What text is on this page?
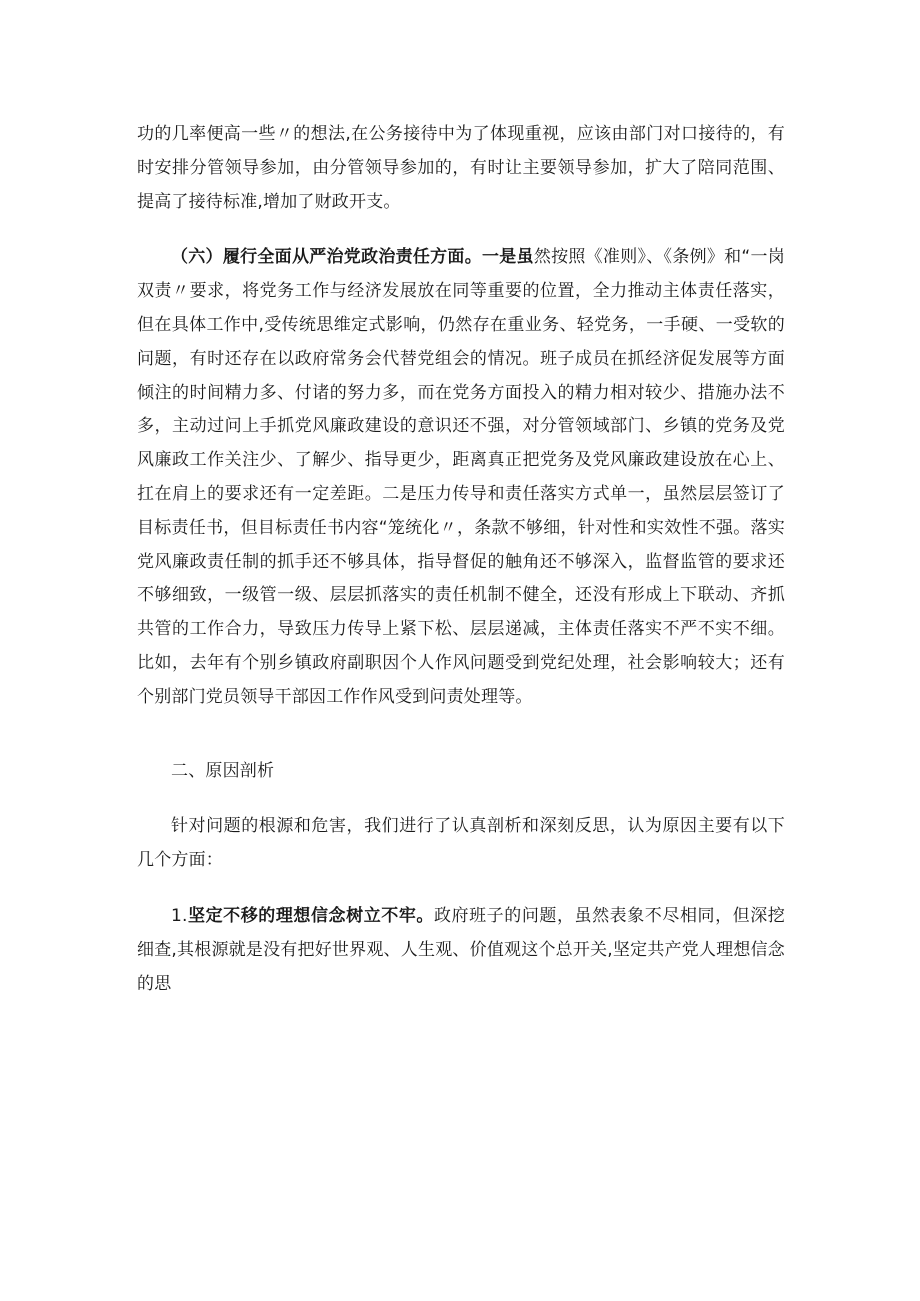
功的几率便高一些〃的想法,在公务接待中为了体现重视，应该由部门对口接待的，有时安排分管领导参加，由分管领导参加的，有时让主要领导参加，扩大了陪同范围、提高了接待标准,增加了财政开支。

（六）履行全面从严治党政治责任方面。一是虽然按照《准则》、《条例》和“一岗双责〃要求，将党务工作与经济发展放在同等重要的位置，全力推动主体责任落实，但在具体工作中,受传统思维定式影响，仍然存在重业务、轻党务，一手硬、一受软的问题，有时还存在以政府常务会代替党组会的情况。班子成员在抓经济促发展等方面倾注的时间精力多、付诸的努力多，而在党务方面投入的精力相对较少、措施办法不多，主动过问上手抓党风廉政建设的意识还不强，对分管领域部门、乡镇的党务及党风廉政工作关注少、了解少、指导更少，距离真正把党务及党风廉政建设放在心上、扛在肩上的要求还有一定差距。二是压力传导和责任落实方式单一，虽然层层签订了目标责任书，但目标责任书内容“笼统化〃，条款不够细，针对性和实效性不强。落实党风廉政责任制的抓手还不够具体，指导督促的触角还不够深入，监督监管的要求还不够细致，一级管一级、层层抓落实的责任机制不健全，还没有形成上下联动、齐抓共管的工作合力，导致压力传导上紧下松、层层递减，主体责任落实不严不实不细。比如，去年有个别乡镇政府副职因个人作风问题受到党纪处理，社会影响较大；还有个别部门党员领导干部因工作作风受到问责处理等。

二、原因剖析

针对问题的根源和危害，我们进行了认真剖析和深刻反思，认为原因主要有以下几个方面：

1.坚定不移的理想信念树立不牢。政府班子的问题，虽然表象不尽相同，但深挖细查,其根源就是没有把好世界观、人生观、价值观这个总开关,坚定共产党人理想信念的思
